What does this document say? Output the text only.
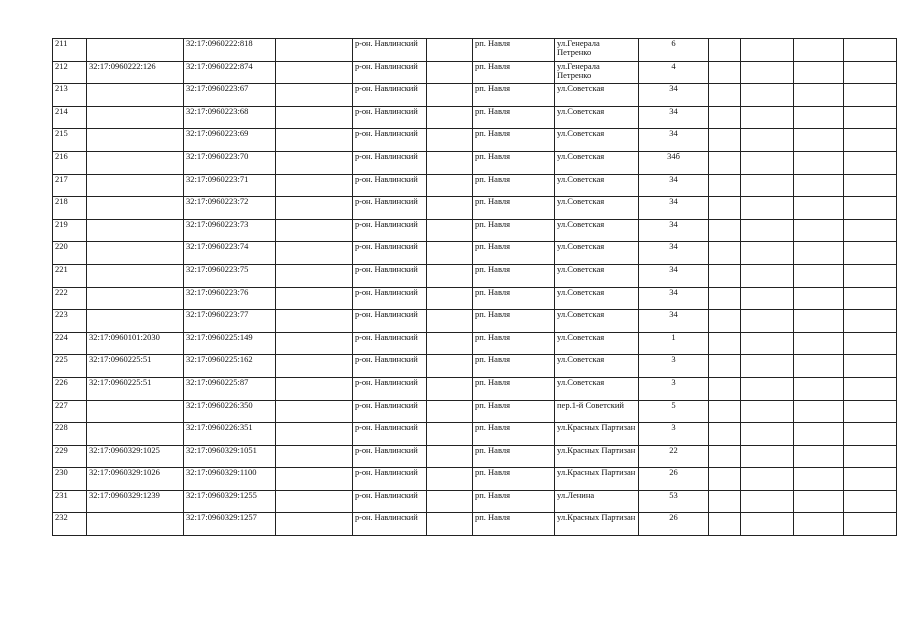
211		32:17:0960222:818		р-он. Навлинский		рп. Навля	ул.Генерала Петренко	6				
212	32:17:0960222:126	32:17:0960222:874		р-он. Навлинский		рп. Навля	ул.Генерала Петренко	4				
213		32:17:0960223:67		р-он. Навлинский		рп. Навля	ул.Советская	34				
214		32:17:0960223:68		р-он. Навлинский		рп. Навля	ул.Советская	34				
215		32:17:0960223:69		р-он. Навлинский		рп. Навля	ул.Советская	34				
216		32:17:0960223:70		р-он. Навлинский		рп. Навля	ул.Советская	34б				
217		32:17:0960223:71		р-он. Навлинский		рп. Навля	ул.Советская	34				
218		32:17:0960223:72		р-он. Навлинский		рп. Навля	ул.Советская	34				
219		32:17:0960223:73		р-он. Навлинский		рп. Навля	ул.Советская	34				
220		32:17:0960223:74		р-он. Навлинский		рп. Навля	ул.Советская	34				
221		32:17:0960223:75		р-он. Навлинский		рп. Навля	ул.Советская	34				
222		32:17:0960223:76		р-он. Навлинский		рп. Навля	ул.Советская	34				
223		32:17:0960223:77		р-он. Навлинский		рп. Навля	ул.Советская	34				
224	32:17:0960101:2030	32:17:0960225:149		р-он. Навлинский		рп. Навля	ул.Советская	1				
225	32:17:0960225:51	32:17:0960225:162		р-он. Навлинский		рп. Навля	ул.Советская	3				
226	32:17:0960225:51	32:17:0960225:87		р-он. Навлинский		рп. Навля	ул.Советская	3				
227		32:17:0960226:350		р-он. Навлинский		рп. Навля	пер.1-й Советский	5				
228		32:17:0960226:351		р-он. Навлинский		рп. Навля	ул.Красных Партизан	3				
229	32:17:0960329:1025	32:17:0960329:1051		р-он. Навлинский		рп. Навля	ул.Красных Партизан	22				
230	32:17:0960329:1026	32:17:0960329:1100		р-он. Навлинский		рп. Навля	ул.Красных Партизан	26				
231	32:17:0960329:1239	32:17:0960329:1255		р-он. Навлинский		рп. Навля	ул.Ленина	53				
232		32:17:0960329:1257		р-он. Навлинский		рп. Навля	ул.Красных Партизан	26				
